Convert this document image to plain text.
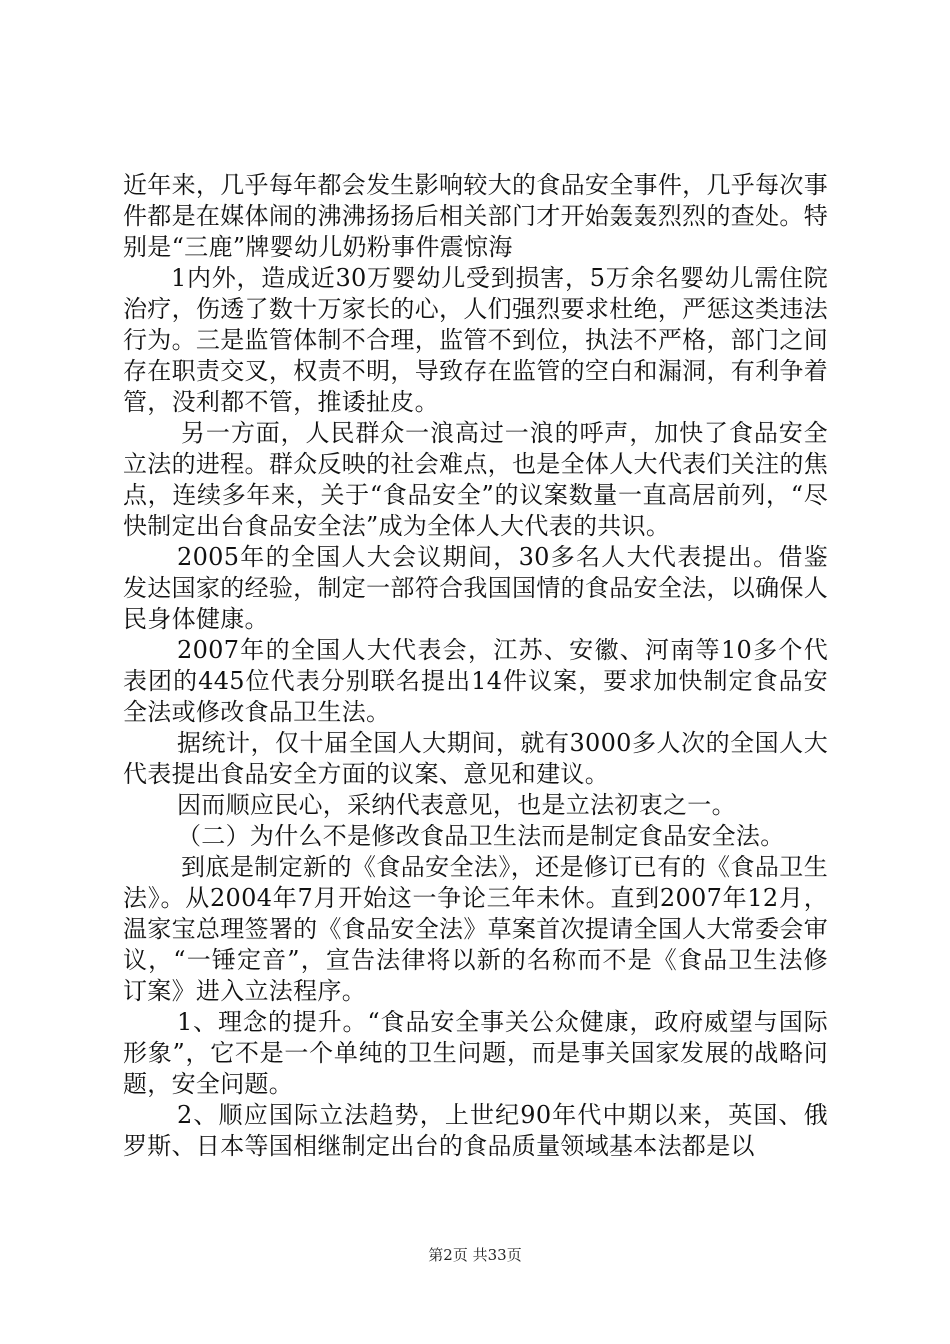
近年来，几乎每年都会发生影响较大的食品安全事件，几乎每次事件都是在媒体闹的沸沸扬扬后相关部门才开始轰轰烈烈的查处。特别是“三鹿”牌婴幼儿奶粉事件震惊海

1内外，造成近30万婴幼儿受到损害，5万余名婴幼儿需住院治疗，伤透了数十万家长的心，人们强烈要求杜绝，严惩这类违法行为。三是监管体制不合理，监管不到位，执法不严格，部门之间存在职责交叉，权责不明，导致存在监管的空白和漏洞，有利争着管，没利都不管，推诿扯皮。

另一方面，人民群众一浪高过一浪的呼声，加快了食品安全立法的进程。群众反映的社会难点，也是全体人大代表们关注的焦点，连续多年来，关于“食品安全”的议案数量一直高居前列，“尽快制定出台食品安全法”成为全体人大代表的共识。

2005年的全国人大会议期间，30多名人大代表提出。借鉴发达国家的经验，制定一部符合我国国情的食品安全法，以确保人民身体健康。

2007年的全国人大代表会，江苏、安徽、河南等10多个代表团的445位代表分别联名提出14件议案，要求加快制定食品安全法或修改食品卫生法。

据统计，仅十届全国人大期间，就有3000多人次的全国人大代表提出食品安全方面的议案、意见和建议。

因而顺应民心，采纳代表意见，也是立法初衷之一。

（二）为什么不是修改食品卫生法而是制定食品安全法。

到底是制定新的《食品安全法》，还是修订已有的《食品卫生法》。从2004年7月开始这一争论三年未休。直到2007年12月，温家宝总理签署的《食品安全法》草案首次提请全国人大常委会审议，“一锤定音”，宣告法律将以新的名称而不是《食品卫生法修订案》进入立法程序。

1、理念的提升。“食品安全事关公众健康，政府威望与国际形象”，它不是一个单纯的卫生问题，而是事关国家发展的战略问题，安全问题。

2、顺应国际立法趋势，上世纪90年代中期以来，英国、俄罗斯、日本等国相继制定出台的食品质量领域基本法都是以

第2页 共33页
